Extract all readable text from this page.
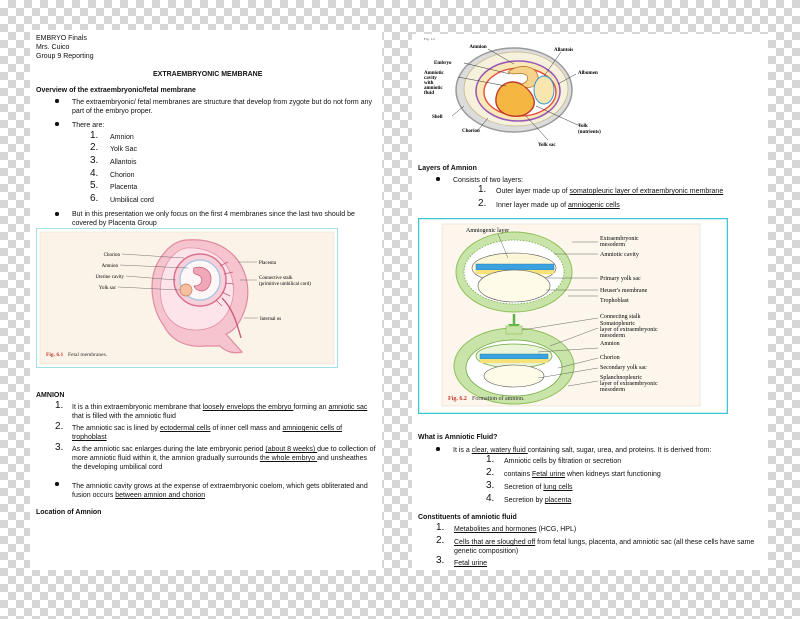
EMBRYO Finals
Mrs. Cuico
Group 9 Reporting
EXTRAEMBRYONIC MEMBRANE
Overview of the extraembryonic/fetal membrane
The extraembryonic/ fetal membranes are structure that develop from zygote but do not form any
part of the embryo proper.
There are:
1. Amnion
2. Yolk Sac
3. Allantois
4. Chorion
5. Placenta
6. Umbilical cord
But in this presentation we only focus on the first 4 membranes since the last two should be
covered by Placenta Group
Chorion
Amnion
Uterine cavity
Yolk sac
Placenta
Connective stalk
(primitive umbilical cord)
Internal os
Fig. 6.1 Fetal membranes.
AMNION
1. It is a thin extraembryonic membrane that loosely envelops the embryo forming an amniotic sac
that is filled with the amniotic fluid
2. The amniotic sac is lined by ectodermal cells of inner cell mass and amniogenic cells of
trophoblast
3. As the amniotic sac enlarges during the late embryonic period (about 8 weeks) due to collection of
more amniotic fluid within it, the amnion gradually surrounds the whole embryo and unsheathes
the developing umbilical cord
The amniotic cavity grows at the expense of extraembryonic coelom, which gets obliterated and
fusion occurs between amnion and chorion
Location of Amnion
Fig. 1.2
Amnion
Allantois
Embryo
Amniotic
cavity
with
amniotic
fluid
Albumen
Shell
Chorion
Yolk
(nutrients)
Yolk sac
Layers of Amnion
Consists of two layers:
1. Outer layer made up of somatopleuric layer of extraembryonic membrane
2. Inner layer made up of amniogenic cells
Amniogenic layer
Extraembryonic
mesoderm
Amniotic cavity
Primary yolk sac
Heuser's membrane
Trophoblast
Connecting stalk
Somatopleuric
layer of extraembryonic
mesoderm
Amnion
Chorion
Secondary yolk sac
Splanchnopleuric
layer of extraembryonic
mesoderm
Fig. 6.2 Formation of amnion.
What is Amniotic Fluid?
It is a clear, watery fluid containing salt, sugar, urea, and proteins. It is derived from:
1. Amniotic cells by filtration or secretion
2. contains Fetal urine when kidneys start functioning
3. Secretion of lung cells
4. Secretion by placenta
Constituents of amniotic fluid
1. Metabolites and hormones (HCG, HPL)
2. Cells that are sloughed off from fetal lungs, placenta, and amniotic sac (all these cells have same
genetic composition)
3. Fetal urine
